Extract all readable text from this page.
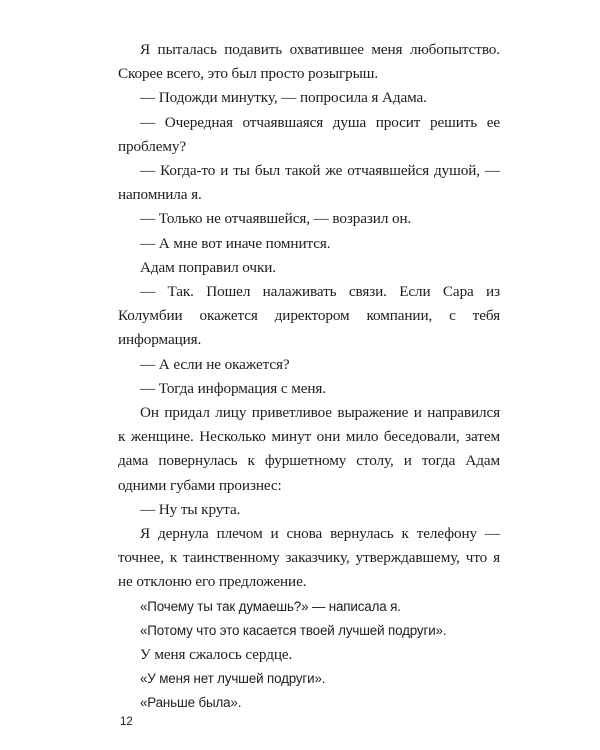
Я пыталась подавить охватившее меня любопытство. Скорее всего, это был просто розыгрыш.

— Подожди минутку, — попросила я Адама.

— Очередная отчаявшаяся душа просит решить ее проблему?

— Когда-то и ты был такой же отчаявшейся душой, — напомнила я.

— Только не отчаявшейся, — возразил он.

— А мне вот иначе помнится.

Адам поправил очки.

— Так. Пошел налаживать связи. Если Сара из Колумбии окажется директором компании, с тебя информация.

— А если не окажется?

— Тогда информация с меня.

Он придал лицу приветливое выражение и направился к женщине. Несколько минут они мило беседовали, затем дама повернулась к фуршетному столу, и тогда Адам одними губами произнес:

— Ну ты крута.

Я дернула плечом и снова вернулась к телефону — точнее, к таинственному заказчику, утверждавшему, что я не отклоню его предложение.

«Почему ты так думаешь?» — написала я.

«Потому что это касается твоей лучшей подруги».

У меня сжалось сердце.

«У меня нет лучшей подруги».

«Раньше была».

12
